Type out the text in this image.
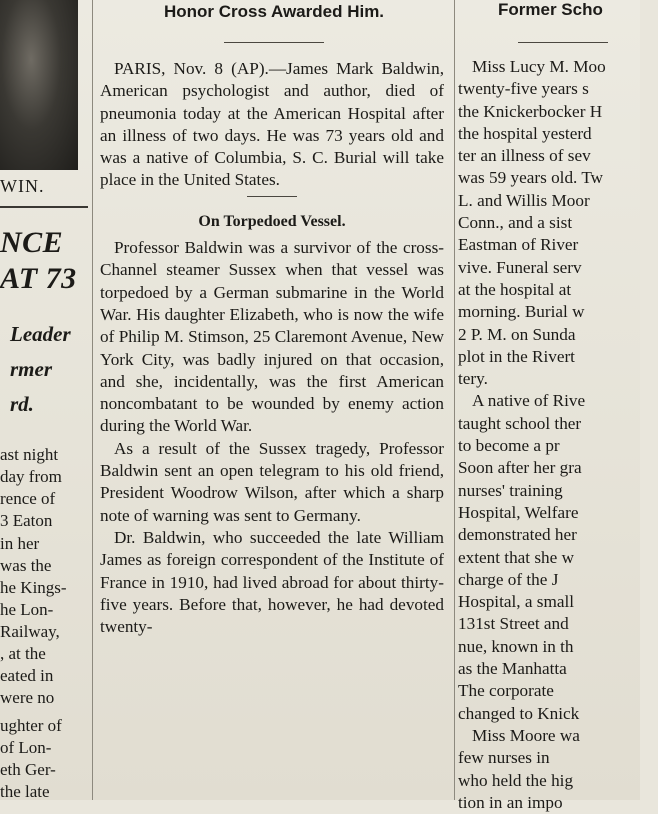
WIN.
NCE
AT 73
Leader
rmer
rd.
ast night
day from
rence of
3 Eaton
in her
was the
he Kings-
he Lon-
Railway,
, at the
eated in
were no
ughter of
of Lon-
eth Ger-
the late
Honor Cross Awarded Him.

PARIS, Nov. 8 (AP).—James Mark Baldwin, American psychologist and author, died of pneumonia today at the American Hospital after an illness of two days. He was 73 years old and was a native of Columbia, S. C. Burial will take place in the United States.

On Torpedoed Vessel.

Professor Baldwin was a survivor of the cross-Channel steamer Sussex when that vessel was torpedoed by a German submarine in the World War. His daughter Elizabeth, who is now the wife of Philip M. Stimson, 25 Claremont Avenue, New York City, was badly injured on that occasion, and she, incidentally, was the first American noncombatant to be wounded by enemy action during the World War.

As a result of the Sussex tragedy, Professor Baldwin sent an open telegram to his old friend, President Woodrow Wilson, after which a sharp note of warning was sent to Germany.

Dr. Baldwin, who succeeded the late William James as foreign correspondent of the Institute of France in 1910, had lived abroad for about thirty-five years. Before that, however, he had devoted twenty-

Former Scho
Miss Lucy M. Moo
twenty-five years s
the Knickerbocker H
the hospital yesterd
ter an illness of sev
was 59 years old. Tw
L. and Willis Moor
Conn., and a sist
Eastman of River
vive. Funeral serv
at the hospital at
morning. Burial w
2 P. M. on Sunda
plot in the Rivert
tery.
A native of Rive
taught school ther
to become a pr
Soon after her gra
nurses' training
Hospital, Welfare
demonstrated her
extent that she w
charge of the J
Hospital, a small
131st Street and
nue, known in th
as the Manhatta
The corporate
changed to Knick
Miss Moore wa
few nurses in
who held the hig
tion in an impo
